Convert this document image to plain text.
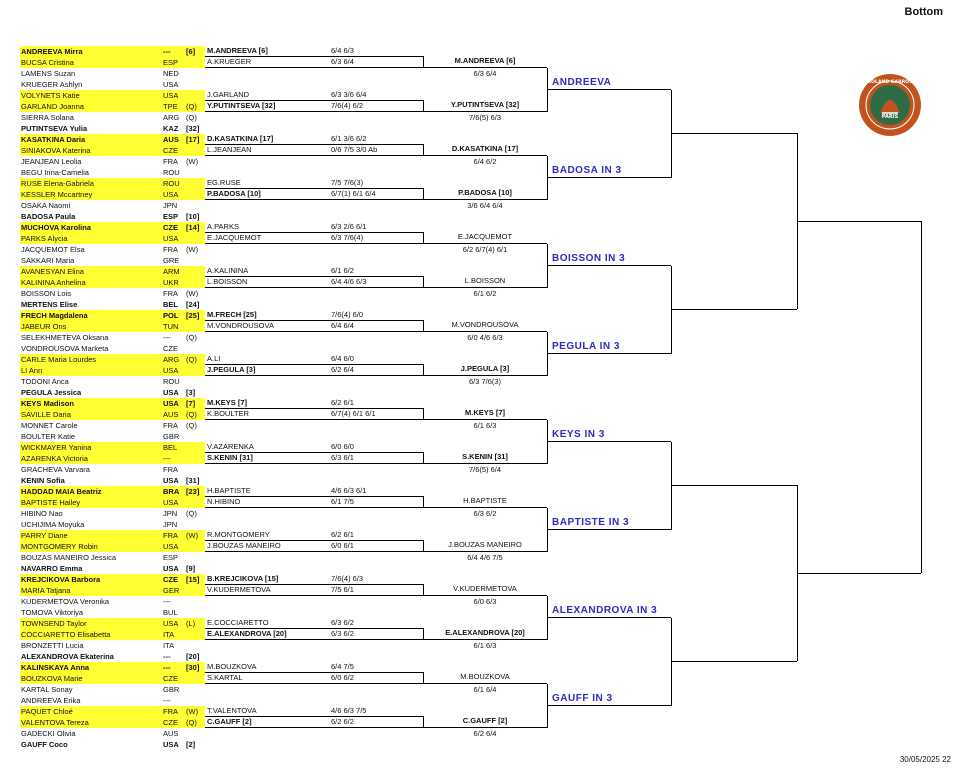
Bottom
PARIS
ROLAND GARROS
ANDREEVA Mirra	--- [6]
BUCSA Cristina	ESP
LAMENS Suzan	NED
KRUEGER Ashlyn	USA
VOLYNETS Katie	USA
GARLAND Joanna	TPE (Q)
SIERRA Solana	ARG (Q)
PUTINTSEVA Yulia	KAZ [32]
KASATKINA Daria	AUS [17]
SINIAKOVA Katerina	CZE
JEANJEAN Leolia	FRA (W)
BEGU Irina-Camelia	ROU
RUSE Elena-Gabriela	ROU
KESSLER Mccartney	USA
OSAKA Naomi	JPN
BADOSA Paula	ESP [10]
MUCHOVA Karolina	CZE [14]
PARKS Alycia	USA
JACQUEMOT Elsa	FRA (W)
SAKKARI Maria	GRE
AVANESYAN Elina	ARM
KALININA Anhelina	UKR
BOISSON Lois	FRA (W)
MERTENS Elise	BEL [24]
FRECH Magdalena	POL [25]
JABEUR Ons	TUN
SELEKHMETEVA Oksana	--- (Q)
VONDROUSOVA Marketa	CZE
CARLE Maria Lourdes	ARG (Q)
LI Ann	USA
TODONI Anca	ROU
PEGULA Jessica	USA [3]
KEYS Madison	USA [7]
SAVILLE Daria	AUS (Q)
MONNET Carole	FRA (Q)
BOULTER Katie	GBR
WICKMAYER Yanina	BEL
AZARENKA Victoria	---
GRACHEVA Varvara	FRA
KENIN Sofia	USA [31]
HADDAD MAIA Beatriz	BRA [23]
BAPTISTE Hailey	USA
HIBINO Nao	JPN (Q)
UCHIJIMA Moyuka	JPN
PARRY Diane	FRA (W)
MONTGOMERY Robin	USA
BOUZAS MANEIRO Jessica	ESP
NAVARRO Emma	USA [9]
KREJCIKOVA Barbora	CZE [15]
MARIA Tatjana	GER
KUDERMETOVA Veronika	---
TOMOVA Viktoriya	BUL
TOWNSEND Taylor	USA (L)
COCCIARETTO Elisabetta	ITA
BRONZETTI Lucia	ITA
ALEXANDROVA Ekaterina	--- [20]
KALINSKAYA Anna	--- [30]
BOUZKOVA Marie	CZE
KARTAL Sonay	GBR
ANDREEVA Erika	---
PAQUET Chloé	FRA (W)
VALENTOVA Tereza	CZE (Q)
GADECKI Olivia	AUS
GAUFF Coco	USA [2]
M.ANDREEVA [6]	6/4 6/3
A.KRUEGER	6/3 6/4
J.GARLAND	6/3 3/6 6/4
Y.PUTINTSEVA [32]	7/6(4) 6/2
D.KASATKINA [17]	6/1 3/6 6/2
L.JEANJEAN	0/6 7/5 3/0 Ab
EG.RUSE	7/5 7/6(3)
P.BADOSA [10]	6/7(1) 6/1 6/4
A.PARKS	6/3 2/6 6/1
E.JACQUEMOT	6/3 7/6(4)
A.KALININA	6/1 6/2
L.BOISSON	6/4 4/6 6/3
M.FRECH [25]	7/6(4) 6/0
M.VONDROUSOVA	6/4 6/4
A.LI	6/4 6/0
J.PEGULA [3]	6/2 6/4
M.KEYS [7]	6/2 6/1
K.BOULTER	6/7(4) 6/1 6/1
V.AZARENKA	6/0 6/0
S.KENIN [31]	6/3 6/1
H.BAPTISTE	4/6 6/3 6/1
N.HIBINO	6/1 7/5
R.MONTGOMERY	6/2 6/1
J.BOUZAS MANEIRO	6/0 6/1
B.KREJCIKOVA [15]	7/6(4) 6/3
V.KUDERMETOVA	7/5 6/1
E.COCCIARETTO	6/3 6/2
E.ALEXANDROVA [20]	6/3 6/2
M.BOUZKOVA	6/4 7/5
S.KARTAL	6/0 6/2
T.VALENTOVA	4/6 6/3 7/5
C.GAUFF [2]	6/2 6/2
M.ANDREEVA [6]
6/3 6/4
Y.PUTINTSEVA [32]
7/6(5) 6/3
D.KASATKINA [17]
6/4 6/2
P.BADOSA [10]
3/6 6/4 6/4
E.JACQUEMOT
6/2 6/7(4) 6/1
L.BOISSON
6/1 6/2
M.VONDROUSOVA
6/0 4/6 6/3
J.PEGULA [3]
6/3 7/6(3)
M.KEYS [7]
6/1 6/3
S.KENIN [31]
7/6(5) 6/4
H.BAPTISTE
6/3 6/2
J.BOUZAS MANEIRO
6/4 4/6 7/5
V.KUDERMETOVA
6/0 6/3
E.ALEXANDROVA [20]
6/1 6/3
M.BOUZKOVA
6/1 6/4
C.GAUFF [2]
6/2 6/4
ANDREEVA
BADOSA IN 3
BOISSON IN 3
PEGULA IN 3
KEYS IN 3
BAPTISTE IN 3
ALEXANDROVA IN 3
GAUFF IN 3
30/05/2025 22
